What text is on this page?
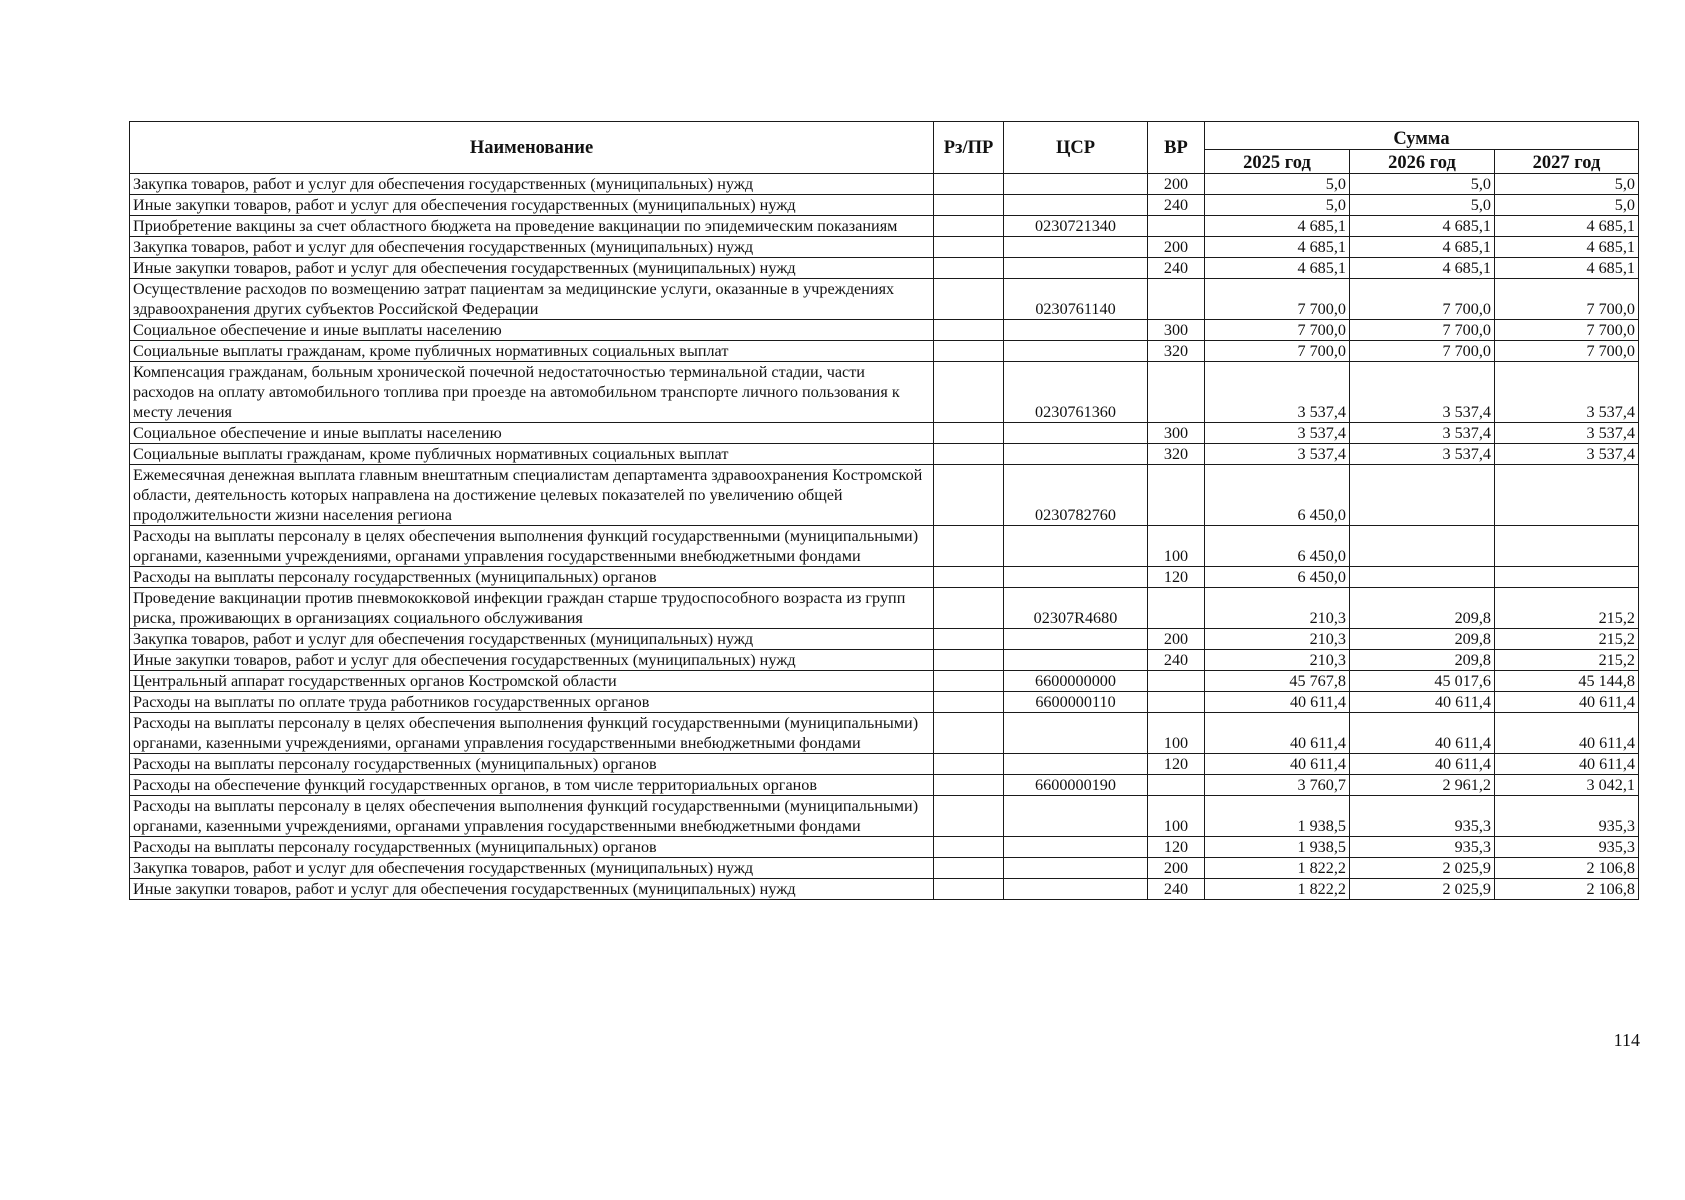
Наименование	Рз/ПР	ЦСР	ВР	Сумма		
				2025 год	2026 год	2027 год
Закупка товаров, работ и услуг для обеспечения государственных (муниципальных) нужд			200	5,0	5,0	5,0
Иные закупки товаров, работ и услуг для обеспечения государственных (муниципальных) нужд			240	5,0	5,0	5,0
Приобретение вакцины за счет областного бюджета на проведение вакцинации по эпидемическим показаниям		0230721340		4 685,1	4 685,1	4 685,1
Закупка товаров, работ и услуг для обеспечения государственных (муниципальных) нужд			200	4 685,1	4 685,1	4 685,1
Иные закупки товаров, работ и услуг для обеспечения государственных (муниципальных) нужд			240	4 685,1	4 685,1	4 685,1
Осуществление расходов по возмещению затрат пациентам за медицинские услуги, оказанные в учреждениях здравоохранения других субъектов Российской Федерации		0230761140		7 700,0	7 700,0	7 700,0
Социальное обеспечение и иные выплаты населению			300	7 700,0	7 700,0	7 700,0
Социальные выплаты гражданам, кроме публичных нормативных социальных выплат			320	7 700,0	7 700,0	7 700,0
Компенсация гражданам, больным хронической почечной недостаточностью терминальной стадии, части расходов на оплату автомобильного топлива при проезде на автомобильном транспорте личного пользования к месту лечения		0230761360		3 537,4	3 537,4	3 537,4
Социальное обеспечение и иные выплаты населению			300	3 537,4	3 537,4	3 537,4
Социальные выплаты гражданам, кроме публичных нормативных социальных выплат			320	3 537,4	3 537,4	3 537,4
Ежемесячная денежная выплата главным внештатным специалистам департамента здравоохранения Костромской области, деятельность которых направлена на достижение целевых показателей по увеличению общей продолжительности жизни населения региона		0230782760		6 450,0		
Расходы на выплаты персоналу в целях обеспечения выполнения функций государственными (муниципальными) органами, казенными учреждениями, органами управления государственными внебюджетными фондами			100	6 450,0		
Расходы на выплаты персоналу государственных (муниципальных) органов			120	6 450,0		
Проведение вакцинации против пневмококковой инфекции граждан старше трудоспособного возраста из групп риска, проживающих в организациях социального обслуживания		02307R4680		210,3	209,8	215,2
Закупка товаров, работ и услуг для обеспечения государственных (муниципальных) нужд			200	210,3	209,8	215,2
Иные закупки товаров, работ и услуг для обеспечения государственных (муниципальных) нужд			240	210,3	209,8	215,2
Центральный аппарат государственных органов Костромской области		6600000000		45 767,8	45 017,6	45 144,8
Расходы на выплаты по оплате труда работников государственных органов		6600000110		40 611,4	40 611,4	40 611,4
Расходы на выплаты персоналу в целях обеспечения выполнения функций государственными (муниципальными) органами, казенными учреждениями, органами управления государственными внебюджетными фондами			100	40 611,4	40 611,4	40 611,4
Расходы на выплаты персоналу государственных (муниципальных) органов			120	40 611,4	40 611,4	40 611,4
Расходы на обеспечение функций государственных органов, в том числе территориальных органов		6600000190		3 760,7	2 961,2	3 042,1
Расходы на выплаты персоналу в целях обеспечения выполнения функций государственными (муниципальными) органами, казенными учреждениями, органами управления государственными внебюджетными фондами			100	1 938,5	935,3	935,3
Расходы на выплаты персоналу государственных (муниципальных) органов			120	1 938,5	935,3	935,3
Закупка товаров, работ и услуг для обеспечения государственных (муниципальных) нужд			200	1 822,2	2 025,9	2 106,8
Иные закупки товаров, работ и услуг для обеспечения государственных (муниципальных) нужд			240	1 822,2	2 025,9	2 106,8
114
